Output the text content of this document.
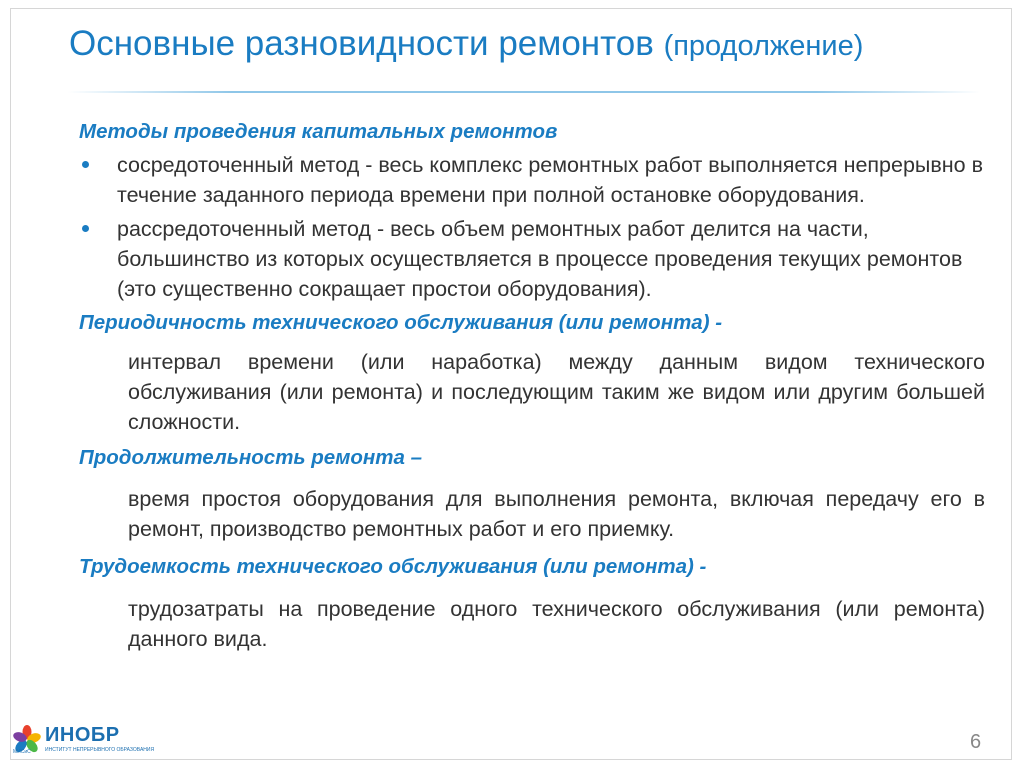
Основные разновидности ремонтов (продолжение)

Методы проведения капитальных ремонтов

сосредоточенный метод - весь комплекс ремонтных работ выполняется непрерывно в течение заданного периода времени при полной остановке оборудования.
рассредоточенный метод - весь объем ремонтных работ делится на части, большинство из которых осуществляется в процессе проведения текущих ремонтов (это существенно сокращает простои оборудования).

Периодичность технического обслуживания (или ремонта) -

интервал времени (или наработка) между данным видом технического обслуживания (или ремонта) и последующим таким же видом или другим большей сложности.

Продолжительность ремонта –

время простоя оборудования для выполнения ремонта, включая передачу его в ремонт, производство ремонтных работ и его приемку.

Трудоемкость технического обслуживания (или ремонта) -

трудозатраты на проведение одного технического обслуживания (или ремонта) данного вида.

ИНОБР
МИСиС	ИНСТИТУТ НЕПРЕРЫВНОГО ОБРАЗОВАНИЯ	6
